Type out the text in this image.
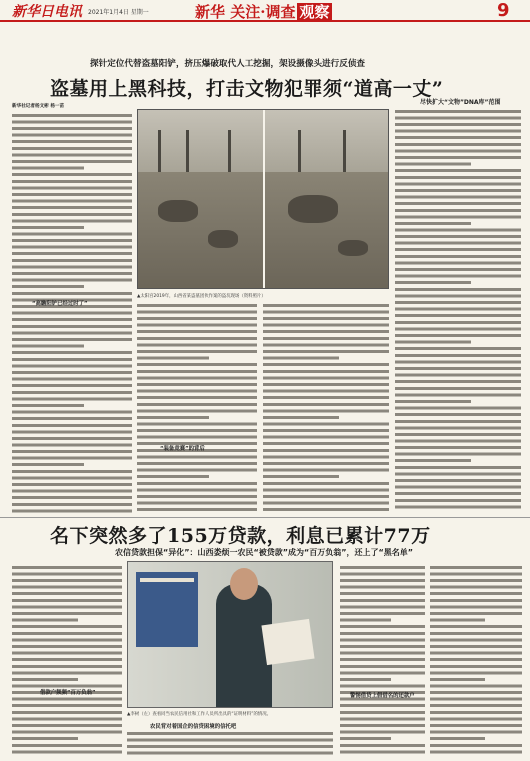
新华日电讯 2021年1月4日 星期一	新华 关注·调查 观察	9
探针定位代替盗墓阳铲，挤压爆破取代人工挖掘，架设摄像头进行反侦查
盗墓用上黑科技，打击文物犯罪须“道高一丈”
新华社记者杨文彬 杨一苗
“高瞻阳铲已经过时了”
▲太阳宫2019年，山西省某盗墓团伙作案的盗坑现场（资料照片）
“装备竞赛”的背后
尽快扩大“文物”DNA库”范围
名下突然多了155万贷款，利息已累计77万
农信贷款担保“异化”：山西娄烦一农民“被贷款”成为“百万负翁”，还上了“黑名单”
借款户频频“百万负翁”
▲李树（左）查看同当农民信用社和工作人员所出具的“证明材料”的情况。
农民背对着国企的信贷困境的信托吧
警惕借贷上假借名的还款户
